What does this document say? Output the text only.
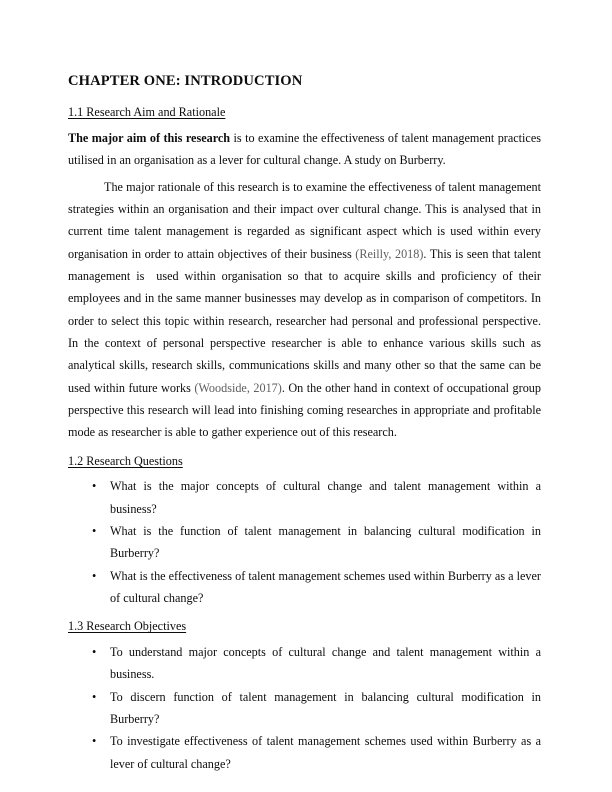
CHAPTER ONE: INTRODUCTION
1.1 Research Aim and Rationale

The major aim of this research is to examine the effectiveness of talent management practices utilised in an organisation as a lever for cultural change. A study on Burberry.

The major rationale of this research is to examine the effectiveness of talent management strategies within an organisation and their impact over cultural change. This is analysed that in current time talent management is regarded as significant aspect which is used within every organisation in order to attain objectives of their business (Reilly, 2018). This is seen that talent management is  used within organisation so that to acquire skills and proficiency of their employees and in the same manner businesses may develop as in comparison of competitors. In order to select this topic within research, researcher had personal and professional perspective. In the context of personal perspective researcher is able to enhance various skills such as analytical skills, research skills, communications skills and many other so that the same can be used within future works (Woodside, 2017). On the other hand in context of occupational group perspective this research will lead into finishing coming researches in appropriate and profitable mode as researcher is able to gather experience out of this research.

1.2 Research Questions
• What is the major concepts of cultural change and talent management within a business?
• What is the function of talent management in balancing cultural modification in Burberry?
• What is the effectiveness of talent management schemes used within Burberry as a lever of cultural change?
1.3 Research Objectives
• To understand major concepts of cultural change and talent management within a business.
• To discern function of talent management in balancing cultural modification in Burberry?
• To investigate effectiveness of talent management schemes used within Burberry as a lever of cultural change?
